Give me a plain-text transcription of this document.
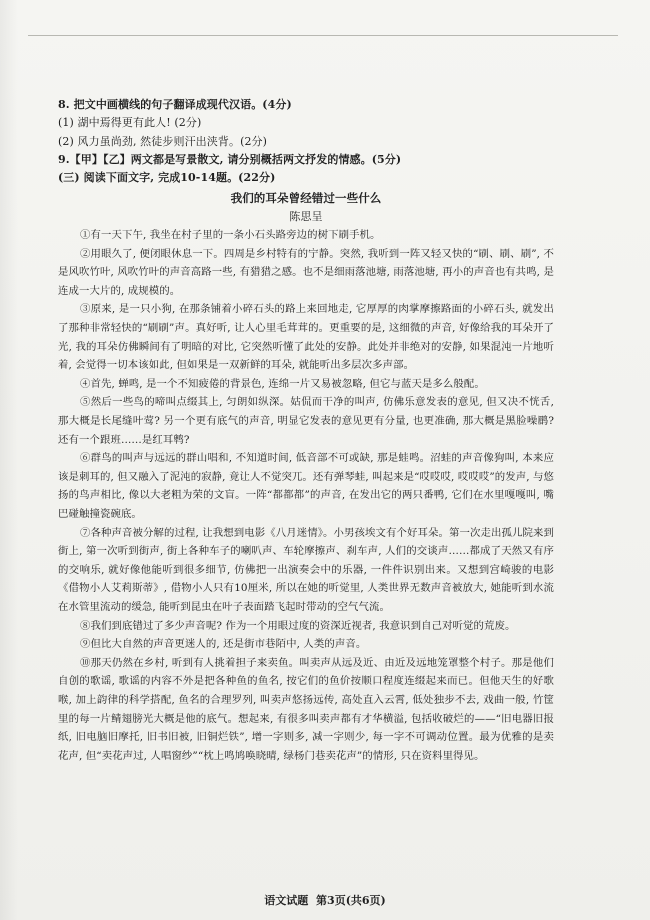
8. 把文中画横线的句子翻译成现代汉语。(4分)
(1) 湖中焉得更有此人! (2分)
(2) 风力虽尚劲, 然徒步则汗出浃背。(2分)
9.【甲】【乙】两文都是写景散文, 请分别概括两文抒发的情感。(5分)
(三) 阅读下面文字, 完成10-14题。(22分)
我们的耳朵曾经错过一些什么
陈思呈

①有一天下午, 我坐在村子里的一条小石头路旁边的树下刷手机。

②用眼久了, 便闭眼休息一下。四周是乡村特有的宁静。突然, 我听到一阵又轻又快的“刷、刷、刷”, 不是风吹竹叶, 风吹竹叶的声音高路一些, 有猎猎之感。也不是细雨落池塘, 雨落池塘, 再小的声音也有共鸣, 是连成一大片的, 成规模的。

③原来, 是一只小狗, 在那条铺着小碎石头的路上来回地走, 它厚厚的肉掌摩擦路面的小碎石头, 就发出了那种非常轻快的“刷刷”声。真好听, 让人心里毛茸茸的。更重要的是, 这细微的声音, 好像给我的耳朵开了光, 我的耳朵仿佛瞬间有了明暗的对比, 它突然听懂了此处的安静。此处并非绝对的安静, 如果混沌一片地听着, 会觉得一切本该如此, 但如果是一双新鲜的耳朵, 就能听出多层次多声部。

④首先, 蝉鸣, 是一个不知疲倦的背景色, 连绵一片又易被忽略, 但它与蓝天是多么般配。

⑤然后一些鸟的啼叫点缀其上, 匀朗如纵深。姑侃而干净的叫声, 仿佛乐意发表的意见, 但又决不恍舌, 那大概是长尾缝叶莺? 另一个更有底气的声音, 明显它发表的意见更有分量, 也更准确, 那大概是黑脸噪鹛? 还有一个跟班……是红耳鹎?

⑥群鸟的叫声与远远的群山唱和, 不知道时间, 低音部不可或缺, 那是蛙鸣。沼蛙的声音像狗叫, 本来应该是刺耳的, 但又融入了泥沌的寂静, 竟让人不觉突兀。还有弹琴蛙, 叫起来是“哎哎哎, 哎哎哎”的发声, 与悠扬的鸟声相比, 像以大老粗为荣的文盲。一阵“都都都”的声音, 在发出它的两只番鸭, 它们在水里嘎嘎叫, 嘴巴碰触撞瓷碗底。

⑦各种声音被分解的过程, 让我想到电影《八月迷情》。小男孩埃文有个好耳朵。第一次走出孤儿院来到街上, 第一次听到街声, 街上各种车子的喇叭声、车轮摩擦声、刹车声, 人们的交谈声……都成了天然又有序的交响乐, 就好像他能听到很多细节, 仿佛把一出演奏会中的乐器, 一件件识别出来。又想到宫崎骏的电影《借物小人艾莉斯蒂》, 借物小人只有10厘米, 所以在她的听觉里, 人类世界无数声音被放大, 她能听到水流在水管里流动的缓急, 能听到昆虫在叶子表面踏飞起时带动的空气气流。

⑧我们到底错过了多少声音呢? 作为一个用眼过度的资深近视者, 我意识到自己对听觉的荒废。

⑨但比大自然的声音更迷人的, 还是街市巷陌中, 人类的声音。

⑩那天仍然在乡村, 听到有人挑着担子来卖鱼。叫卖声从远及近、由近及远地笼罩整个村子。那是他们自创的歌谣, 歌谣的内容不外是把各种鱼的鱼名, 按它们的鱼价按顺口程度连缀起来而已。但他天生的好歌喉, 加上韵律的科学搭配, 鱼名的合理罗列, 叫卖声悠扬远传, 高处直入云霄, 低处独步不去, 戏曲一般, 竹筐里的每一片鲭翅膀光大概是他的底气。想起来, 有很多叫卖声都有才华横溢, 包括收破烂的——“旧电器旧报纸, 旧电脑旧摩托, 旧书旧被, 旧铜烂铁”, 增一字则多, 减一字则少, 每一字不可调动位置。最为优雅的是卖花声, 但“卖花声过, 人唱窗纱”“枕上鸣鸠唤晓晴, 绿杨门巷卖花声”的情形, 只在资料里得见。

语文试题 第3页(共6页)
